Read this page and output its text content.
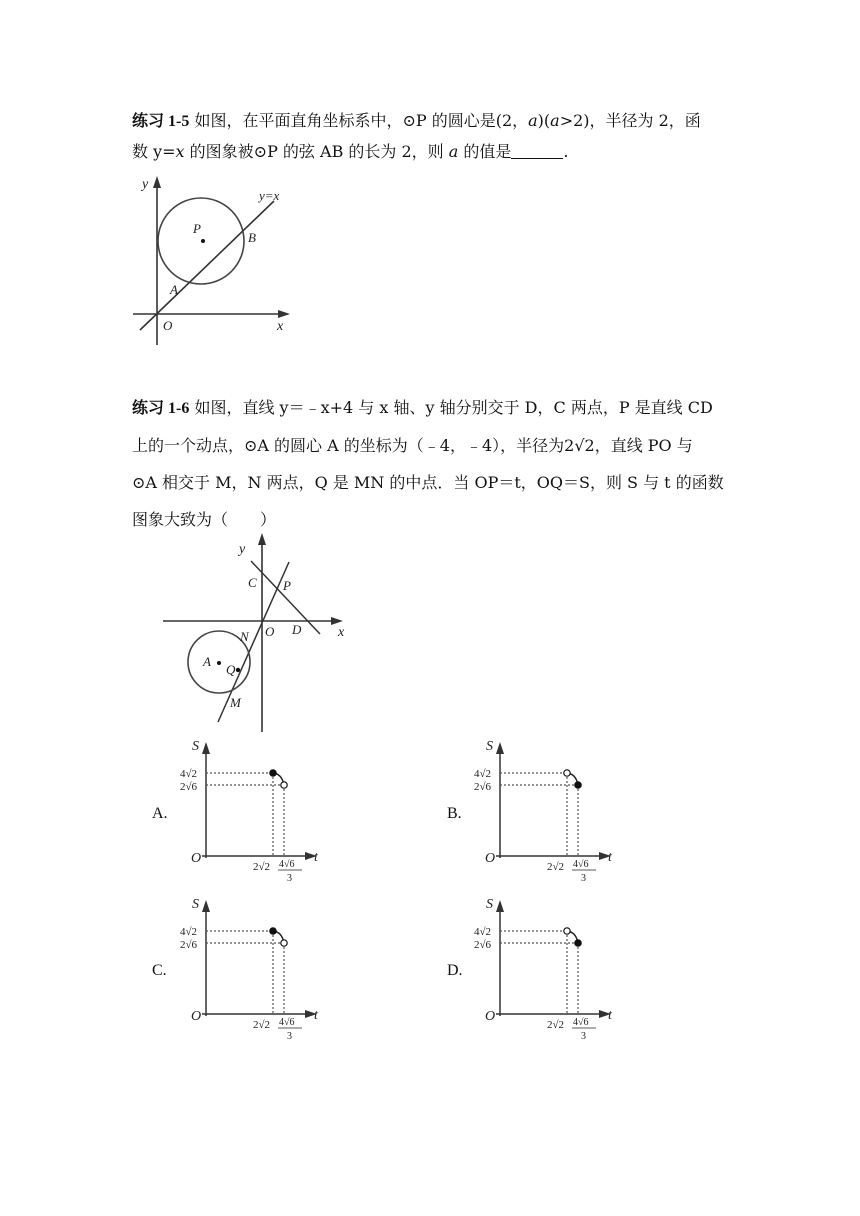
练习 1-5 如图，在平面直角坐标系中，⊙P 的圆心是(2，a)(a>2)，半径为 2，函
数 y=x 的图象被⊙P 的弦 AB 的长为 2，则 a 的值是	.
y
x
O
P
A
B
y=x
练习 1-6 如图，直线 y＝﹣x+4 与 x 轴、y 轴分别交于 D，C 两点，P 是直线 CD
上的一个动点，⊙A 的圆心 A 的坐标为（﹣4，﹣4），半径为2√2，直线 PO 与
⊙A 相交于 M，N 两点，Q 是 MN 的中点．当 OP＝t，OQ＝S，则 S 与 t 的函数
图象大致为（　　）
y
x
O
C P
D
N
A
Q
M
A.	B.
C.	D.
S
t
O
4√2
2√6
2√2 4√6
3
S
t
O
4√2
2√6
2√2 4√6
3
S
t
O
4√2
2√6
2√2 4√6
3
S
t
O
4√2
2√6
2√2 4√6
3
